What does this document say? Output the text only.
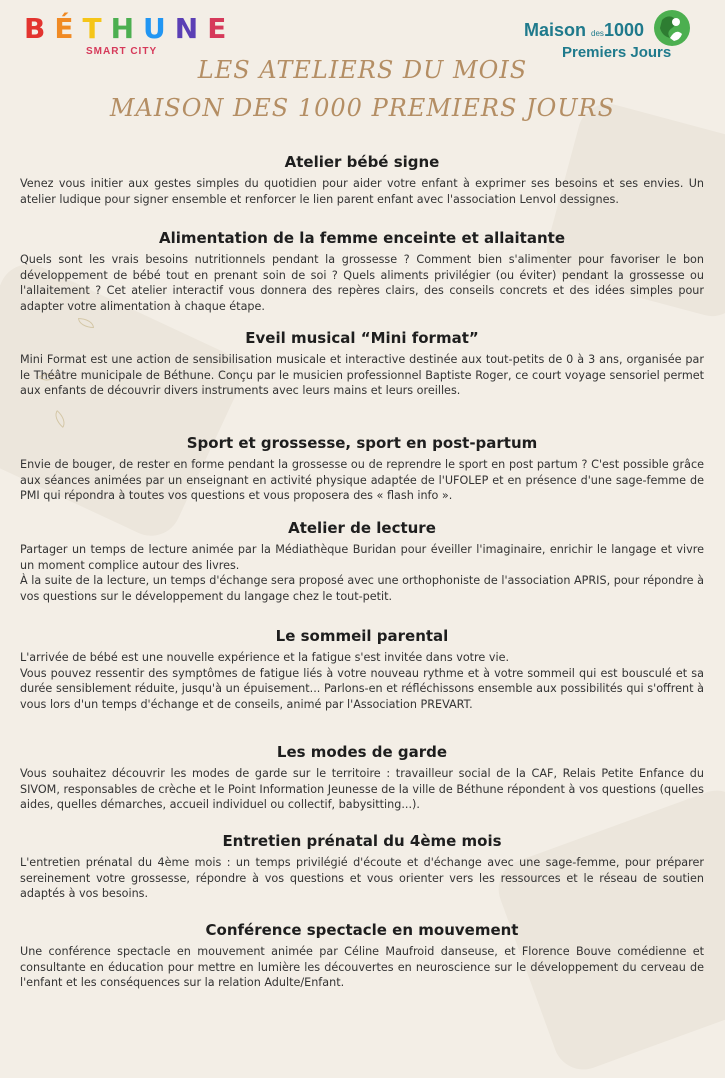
BÉTHUNE
SMART CITY
Maison des1000
Premiers Jours
LES ATELIERS DU MOIS
MAISON DES 1000 PREMIERS JOURS
Atelier bébé signe

Venez vous initier aux gestes simples du quotidien pour aider votre enfant à exprimer ses besoins et ses envies. Un atelier ludique pour signer ensemble et renforcer le lien parent enfant avec l'association Lenvol dessignes.

Alimentation de la femme enceinte et allaitante

Quels sont les vrais besoins nutritionnels pendant la grossesse ? Comment bien s'alimenter pour favoriser le bon développement de bébé tout en prenant soin de soi ? Quels aliments privilégier (ou éviter) pendant la grossesse ou l'allaitement ? Cet atelier interactif vous donnera des repères clairs, des conseils concrets et des idées simples pour adapter votre alimentation à chaque étape.

Eveil musical “Mini format”

Mini Format est une action de sensibilisation musicale et interactive destinée aux tout-petits de 0 à 3 ans, organisée par le Théâtre municipale de Béthune. Conçu par le musicien professionnel Baptiste Roger, ce court voyage sensoriel permet aux enfants de découvrir divers instruments avec leurs mains et leurs oreilles.

Sport et grossesse, sport en post-partum

Envie de bouger, de rester en forme pendant la grossesse ou de reprendre le sport en post partum ? C'est possible grâce aux séances animées par un enseignant en activité physique adaptée de l'UFOLEP et en présence d'une sage-femme de PMI qui répondra à toutes vos questions et vous proposera des « flash info ».

Atelier de lecture

Partager un temps de lecture animée par la Médiathèque Buridan pour éveiller l'imaginaire, enrichir le langage et vivre un moment complice autour des livres.

À la suite de la lecture, un temps d'échange sera proposé avec une orthophoniste de l'association APRIS, pour répondre à vos questions sur le développement du langage chez le tout-petit.

Le sommeil parental

L'arrivée de bébé est une nouvelle expérience et la fatigue s'est invitée dans votre vie.

Vous pouvez ressentir des symptômes de fatigue liés à votre nouveau rythme et à votre sommeil qui est bousculé et sa durée sensiblement réduite, jusqu'à un épuisement... Parlons-en et réfléchissons ensemble aux possibilités qui s'offrent à vous lors d'un temps d'échange et de conseils, animé par l'Association PREVART.

Les modes de garde

Vous souhaitez découvrir les modes de garde sur le territoire : travailleur social de la CAF, Relais Petite Enfance du SIVOM, responsables de crèche et le Point Information Jeunesse de la ville de Béthune répondent à vos questions (quelles aides, quelles démarches, accueil individuel ou collectif, babysitting...).

Entretien prénatal du 4ème mois

L'entretien prénatal du 4ème mois : un temps privilégié d'écoute et d'échange avec une sage-femme, pour préparer sereinement votre grossesse, répondre à vos questions et vous orienter vers les ressources et le réseau de soutien adaptés à vos besoins.

Conférence spectacle en mouvement

Une conférence spectacle en mouvement animée par Céline Maufroid danseuse, et Florence Bouve comédienne et consultante en éducation pour mettre en lumière les découvertes en neuroscience sur le développement du cerveau de l'enfant et les conséquences sur la relation Adulte/Enfant.
